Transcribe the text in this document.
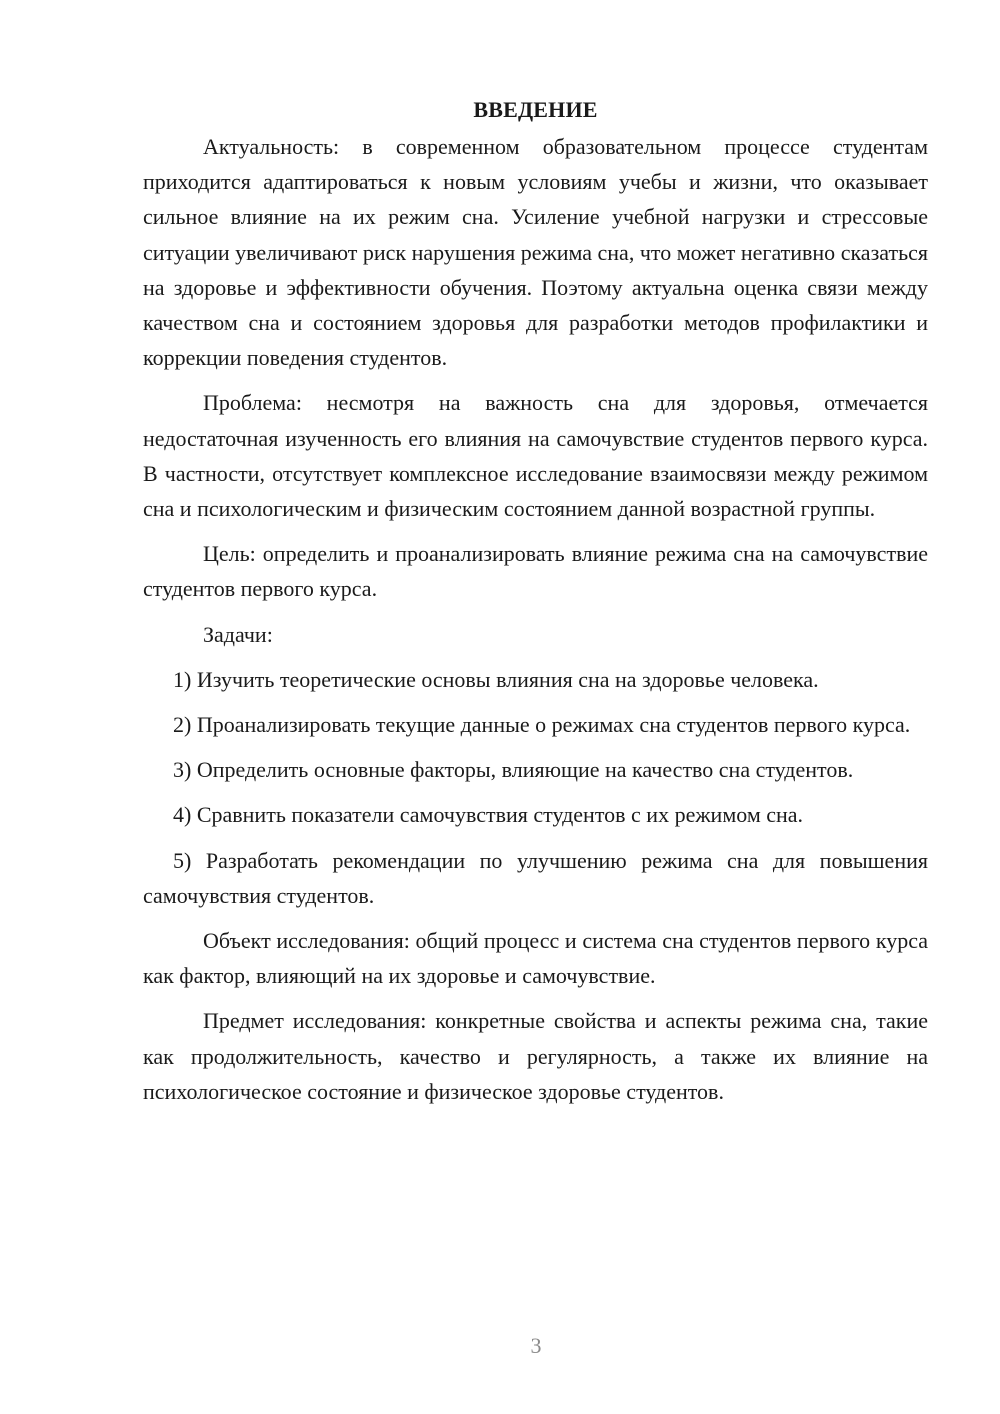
ВВЕДЕНИЕ

Актуальность: в современном образовательном процессе студентам приходится адаптироваться к новым условиям учебы и жизни, что оказывает сильное влияние на их режим сна. Усиление учебной нагрузки и стрессовые ситуации увеличивают риск нарушения режима сна, что может негативно сказаться на здоровье и эффективности обучения. Поэтому актуальна оценка связи между качеством сна и состоянием здоровья для разработки методов профилактики и коррекции поведения студентов.

Проблема: несмотря на важность сна для здоровья, отмечается недостаточная изученность его влияния на самочувствие студентов первого курса. В частности, отсутствует комплексное исследование взаимосвязи между режимом сна и психологическим и физическим состоянием данной возрастной группы.

Цель: определить и проанализировать влияние режима сна на самочувствие студентов первого курса.

Задачи:

1) Изучить теоретические основы влияния сна на здоровье человека.

2) Проанализировать текущие данные о режимах сна студентов первого курса.

3) Определить основные факторы, влияющие на качество сна студентов.

4) Сравнить показатели самочувствия студентов с их режимом сна.

5) Разработать рекомендации по улучшению режима сна для повышения самочувствия студентов.

Объект исследования: общий процесс и система сна студентов первого курса как фактор, влияющий на их здоровье и самочувствие.

Предмет исследования: конкретные свойства и аспекты режима сна, такие как продолжительность, качество и регулярность, а также их влияние на психологическое состояние и физическое здоровье студентов.

3
